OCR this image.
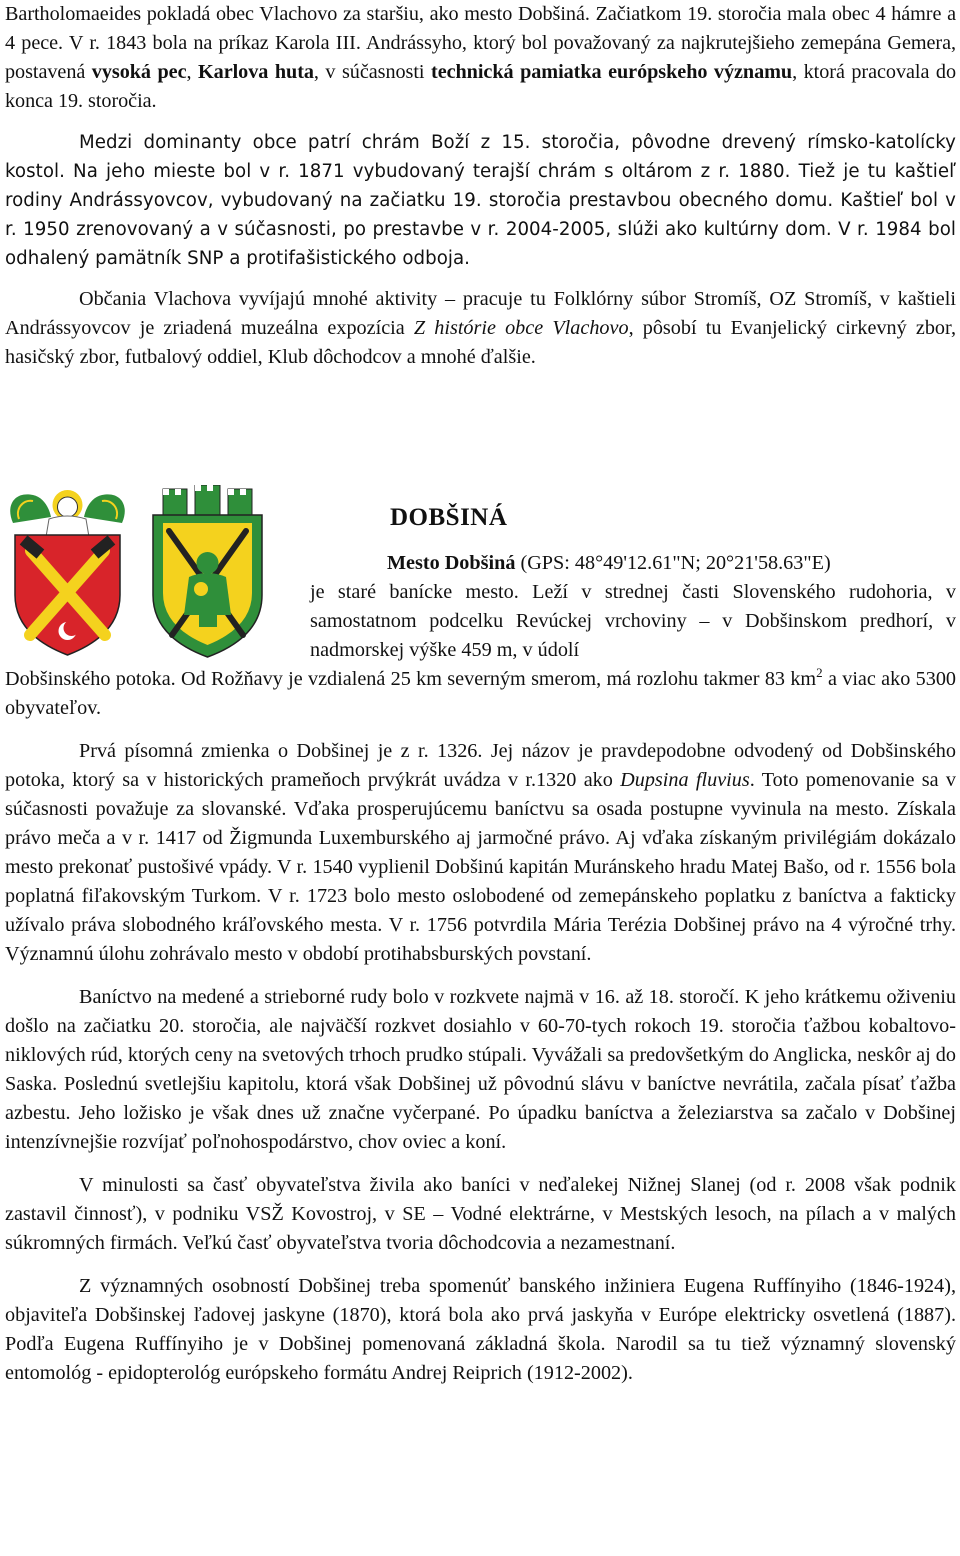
Bartholomaeides pokladá obec Vlachovo za staršiu, ako mesto Dobšiná. Začiatkom 19. storočia mala obec 4 hámre a 4 pece. V r. 1843 bola na príkaz Karola III. Andrássyho, ktorý bol považovaný za najkrutejšieho zemepána Gemera, postavená vysoká pec, Karlova huta, v súčasnosti technická pamiatka európskeho významu, ktorá pracovala do konca 19. storočia.

Medzi dominanty obce patrí chrám Boží z 15. storočia, pôvodne drevený rímsko-katolícky kostol. Na jeho mieste bol v r. 1871 vybudovaný terajší chrám s oltárom z r. 1880. Tiež je tu kaštieľ rodiny Andrássyovcov, vybudovaný na začiatku 19. storočia prestavbou obecného domu. Kaštieľ bol v r. 1950 zrenovovaný a v súčasnosti, po prestavbe v r. 2004-2005, slúži ako kultúrny dom. V r. 1984 bol odhalený pamätník SNP a protifašistického odboja.

Občania Vlachova vyvíjajú mnohé aktivity – pracuje tu Folklórny súbor Stromíš, OZ Stromíš, v kaštieli Andrássyovcov je zriadená muzeálna expozícia Z histórie obce Vlachovo, pôsobí tu Evanjelický cirkevný zbor, hasičský zbor, futbalový oddiel, Klub dôchodcov a mnohé ďalšie.

DOBŠINÁ

Mesto Dobšiná (GPS: 48°49'12.61"N; 20°21'58.63"E)

je staré banícke mesto. Leží v strednej časti Slovenského rudohoria, v samostatnom podcelku Revúckej vrchoviny – v Dobšinskom predhorí, v nadmorskej výške 459 m, v údolí

Dobšinského potoka. Od Rožňavy je vzdialená 25 km severným smerom, má rozlohu takmer 83 $km^2$ a viac ako 5300 obyvateľov.

Prvá písomná zmienka o Dobšinej je z r. 1326. Jej názov je pravdepodobne odvodený od Dobšinského potoka, ktorý sa v historických prameňoch prvýkrát uvádza v r.1320 ako Dupsina fluvius. Toto pomenovanie sa v súčasnosti považuje za slovanské. Vďaka prosperujúcemu baníctvu sa osada postupne vyvinula na mesto. Získala právo meča a v r. 1417 od Žigmunda Luxemburského aj jarmočné právo. Aj vďaka získaným privilégiám dokázalo mesto prekonať pustošivé vpády. V r. 1540 vyplienil Dobšinú kapitán Muránskeho hradu Matej Bašo, od r. 1556 bola poplatná fiľakovským Turkom. V r. 1723 bolo mesto oslobodené od zemepánskeho poplatku z baníctva a fakticky užívalo práva slobodného kráľovského mesta. V r. 1756 potvrdila Mária Terézia Dobšinej právo na 4 výročné trhy. Významnú úlohu zohrávalo mesto v období protihabsburských povstaní.

Baníctvo na medené a strieborné rudy bolo v rozkvete najmä v 16. až 18. storočí. K jeho krátkemu oživeniu došlo na začiatku 20. storočia, ale najväčší rozkvet dosiahlo v 60-70-tych rokoch 19. storočia ťažbou kobaltovo-niklových rúd, ktorých ceny na svetových trhoch prudko stúpali. Vyvážali sa predovšetkým do Anglicka, neskôr aj do Saska. Poslednú svetlejšiu kapitolu, ktorá však Dobšinej už pôvodnú slávu v baníctve nevrátila, začala písať ťažba azbestu. Jeho ložisko je však dnes už značne vyčerpané. Po úpadku baníctva a železiarstva sa začalo v Dobšinej intenzívnejšie rozvíjať poľnohospodárstvo, chov oviec a koní.

V minulosti sa časť obyvateľstva živila ako baníci v neďalekej Nižnej Slanej (od r. 2008 však podnik zastavil činnosť), v podniku VSŽ Kovostroj, v SE – Vodné elektrárne, v Mestských lesoch, na pílach a v malých súkromných firmách. Veľkú časť obyvateľstva tvoria dôchodcovia a nezamestnaní.

Z významných osobností Dobšinej treba spomenúť banského inžiniera Eugena Ruffínyiho (1846-1924), objaviteľa Dobšinskej ľadovej jaskyne (1870), ktorá bola ako prvá jaskyňa v Európe elektricky osvetlená (1887). Podľa Eugena Ruffínyiho je v Dobšinej pomenovaná základná škola. Narodil sa tu tiež významný slovenský entomológ - epidopterológ európskeho formátu Andrej Reiprich (1912-2002).
